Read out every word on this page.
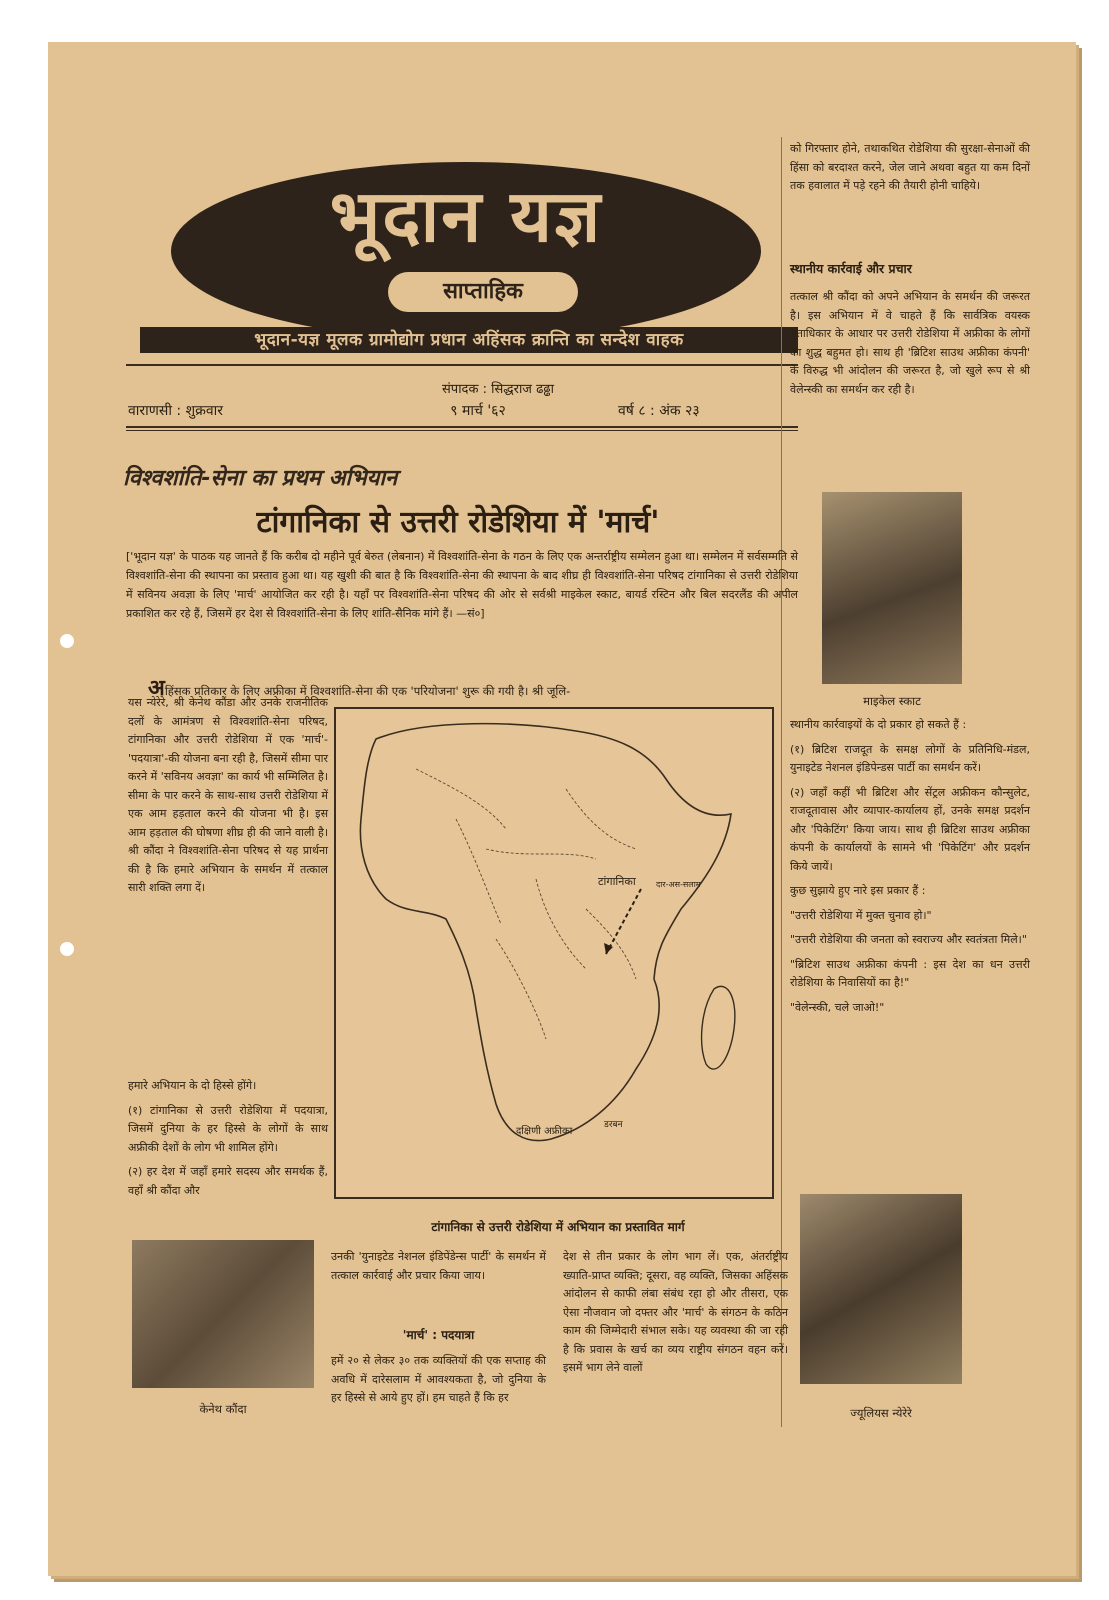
भूदान यज्ञ
साप्ताहिक
भूदान-यज्ञ मूलक ग्रामोद्योग प्रधान अहिंसक क्रान्ति का सन्देश वाहक
संपादक : सिद्धराज ढढ्ढा
वाराणसी : शुक्रवार	९ मार्च '६२	वर्ष ८ : अंक २३
विश्वशांति-सेना का प्रथम अभियान
टांगानिका से उत्तरी रोडेशिया में 'मार्च'
['भूदान यज्ञ' के पाठक यह जानते हैं कि करीब दो महीने पूर्व बेरुत (लेबनान) में विश्वशांति-सेना के गठन के लिए एक अन्तर्राष्ट्रीय सम्मेलन हुआ था। सम्मेलन में सर्वसम्मति से विश्वशांति-सेना की स्थापना का प्रस्ताव हुआ था। यह खुशी की बात है कि विश्वशांति-सेना की स्थापना के बाद शीघ्र ही विश्वशांति-सेना परिषद टांगानिका से उत्तरी रोडेशिया में सविनय अवज्ञा के लिए 'मार्च' आयोजित कर रही है। यहाँ पर विश्वशांति-सेना परिषद की ओर से सर्वश्री माइकेल स्काट, बायर्ड रस्टिन और बिल सदरलैंड की अपील प्रकाशित कर रहे हैं, जिसमें हर देश से विश्वशांति-सेना के लिए शांति-सैनिक मांगे हैं। —सं०]
अहिंसक प्रतिकार के लिए अफ्रीका में विश्वशांति-सेना की एक 'परियोजना' शुरू की गयी है। श्री जूलि-
यस न्येरेरे, श्री केनेथ कौंडा और उनके राजनीतिक दलों के आमंत्रण से विश्वशांति-सेना परिषद, टांगानिका और उत्तरी रोडेशिया में एक 'मार्च'-'पदयात्रा'-की योजना बना रही है, जिसमें सीमा पार करने में 'सविनय अवज्ञा' का कार्य भी सम्मिलित है। सीमा के पार करने के साथ-साथ उत्तरी रोडेशिया में एक आम हड़ताल करने की योजना भी है। इस आम हड़ताल की घोषणा शीघ्र ही की जाने वाली है। श्री कौंदा ने विश्वशांति-सेना परिषद से यह प्रार्थना की है कि हमारे अभियान के समर्थन में तत्काल सारी शक्ति लगा दें।

हमारे अभियान के दो हिस्से होंगे।

(१) टांगानिका से उत्तरी रोडेशिया में पदयात्रा, जिसमें दुनिया के हर हिस्से के लोगों के साथ अफ्रीकी देशों के लोग भी शामिल होंगे।

(२) हर देश में जहाँ हमारे सदस्य और समर्थक हैं, वहाँ श्री कौंदा और

टांगानिका	दार-अस-सलाम
दक्षिणी अफ्रीका
डरबन
टांगानिका से उत्तरी रोडेशिया में अभियान का प्रस्तावित मार्ग
केनेथ कौंदा
उनकी 'युनाइटेड नेशनल इंडिपेंडेन्स पार्टी' के समर्थन में तत्काल कार्रवाई और प्रचार किया जाय।
'मार्च' : पदयात्रा
हमें २० से लेकर ३० तक व्यक्तियों की एक सप्ताह की अवधि में दारेसलाम में आवश्यकता है, जो दुनिया के हर हिस्से से आये हुए हों। हम चाहते हैं कि हर
देश से तीन प्रकार के लोग भाग लें। एक, अंतर्राष्ट्रीय ख्याति-प्राप्त व्यक्ति; दूसरा, वह व्यक्ति, जिसका अहिंसक आंदोलन से काफी लंबा संबंध रहा हो और तीसरा, एक ऐसा नौजवान जो दफ्तर और 'मार्च' के संगठन के कठिन काम की जिम्मेदारी संभाल सके। यह व्यवस्था की जा रही है कि प्रवास के खर्च का व्यय राष्ट्रीय संगठन वहन करें। इसमें भाग लेने वालों
को गिरफ्तार होने, तथाकथित रोडेशिया की सुरक्षा-सेनाओं की हिंसा को बरदाश्त करने, जेल जाने अथवा बहुत या कम दिनों तक हवालात में पड़े रहने की तैयारी होनी चाहिये।
स्थानीय कार्रवाई और प्रचार
तत्काल श्री कौंदा को अपने अभियान के समर्थन की जरूरत है। इस अभियान में वे चाहते हैं कि सार्वत्रिक वयस्क मताधिकार के आधार पर उत्तरी रोडेशिया में अफ्रीका के लोगों का शुद्ध बहुमत हो। साथ ही 'ब्रिटिश साउथ अफ्रीका कंपनी' के विरुद्ध भी आंदोलन की जरूरत है, जो खुले रूप से श्री वेलेन्स्की का समर्थन कर रही है।
माइकेल स्काट

स्थानीय कार्रवाइयों के दो प्रकार हो सकते हैं :

(१) ब्रिटिश राजदूत के समक्ष लोगों के प्रतिनिधि-मंडल, युनाइटेड नेशनल इंडिपेन्डस पार्टी का समर्थन करें।

(२) जहाँ कहीं भी ब्रिटिश और सेंट्रल अफ्रीकन कौन्सुलेट, राजदूतावास और व्यापार-कार्यालय हों, उनके समक्ष प्रदर्शन और 'पिकेटिंग' किया जाय। साथ ही ब्रिटिश साउथ अफ्रीका कंपनी के कार्यालयों के सामने भी 'पिकेटिंग' और प्रदर्शन किये जायें।

कुछ सुझाये हुए नारे इस प्रकार हैं :

"उत्तरी रोडेशिया में मुक्त चुनाव हो।"

"उत्तरी रोडेशिया की जनता को स्वराज्य और स्वतंत्रता मिले।"

"ब्रिटिश साउथ अफ्रीका कंपनी : इस देश का धन उत्तरी रोडेशिया के निवासियों का है!"

"वेलेन्स्की, चले जाओ!"

ज्यूलियस न्येरेरे
